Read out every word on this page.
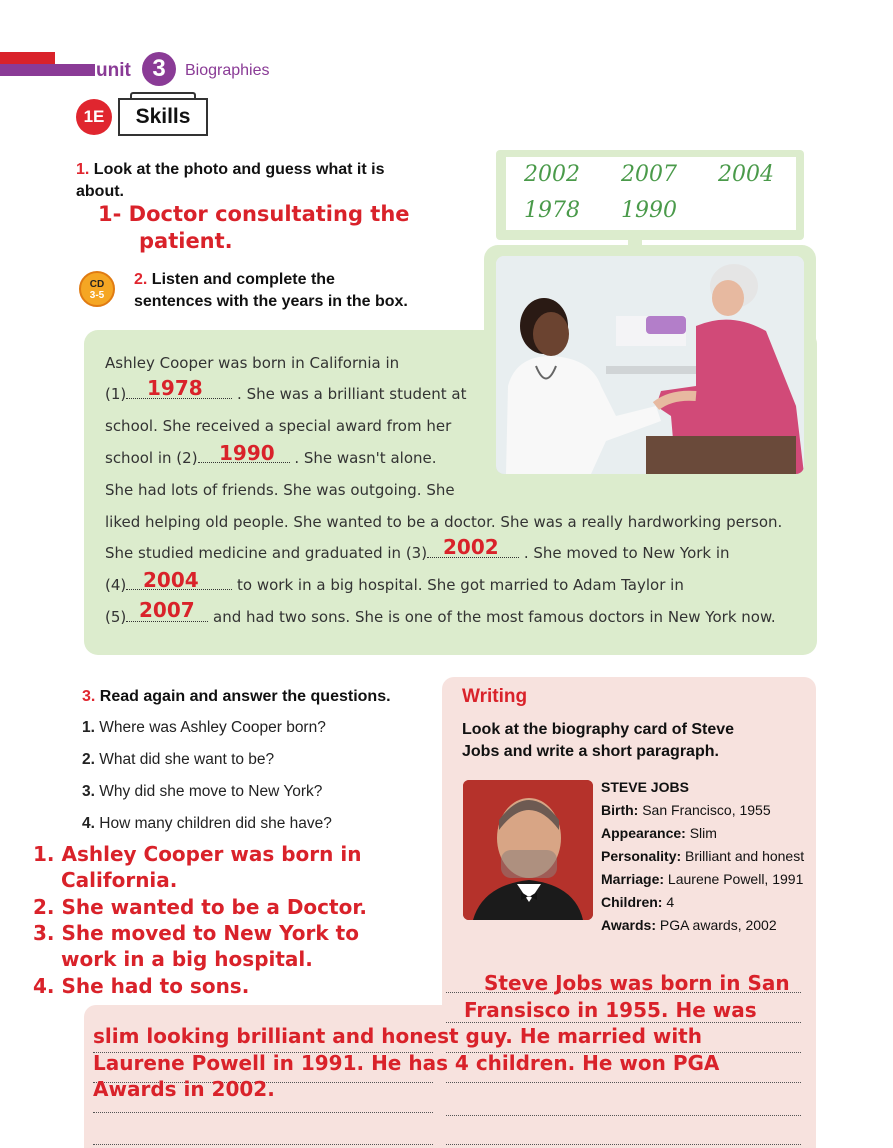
unit 3	Biographies
1E	Skills
1. Look at the photo and guess what it is
about.
1- Doctor consultating the
patient.
CD
3-5
2. Listen and complete the
sentences with the years in the box.
2002 2007 2004
1978 1990
Ashley Cooper was born in California in
(1)	. She was a brilliant student at
school. She received a special award from her
school in (2)	. She wasn't alone.
She had lots of friends. She was outgoing. She
liked helping old people. She wanted to be a doctor. She was a really hardworking person.
She studied medicine and graduated in (3)	. She moved to New York in
(4)	to work in a big hospital. She got married to Adam Taylor in
(5)	and had two sons. She is one of the most famous doctors in New York now.
1978
1990
2002
2004
2007
3. Read again and answer the questions.
1. Where was Ashley Cooper born?
2. What did she want to be?
3. Why did she move to New York?
4. How many children did she have?
1. Ashley Cooper was born in
California.
2. She wanted to be a Doctor.
3. She moved to New York to
work in a big hospital.
4. She had to sons.
Writing
Look at the biography card of Steve
Jobs and write a short paragraph.
STEVE JOBS
Birth: San Francisco, 1955
Appearance: Slim
Personality: Brilliant and honest
Marriage: Laurene Powell, 1991
Children: 4
Awards: PGA awards, 2002
Steve Jobs was born in San
Fransisco in 1955. He was
slim looking brilliant and honest guy. He married with
Laurene Powell in 1991. He has 4 children. He won PGA
Awards in 2002.
